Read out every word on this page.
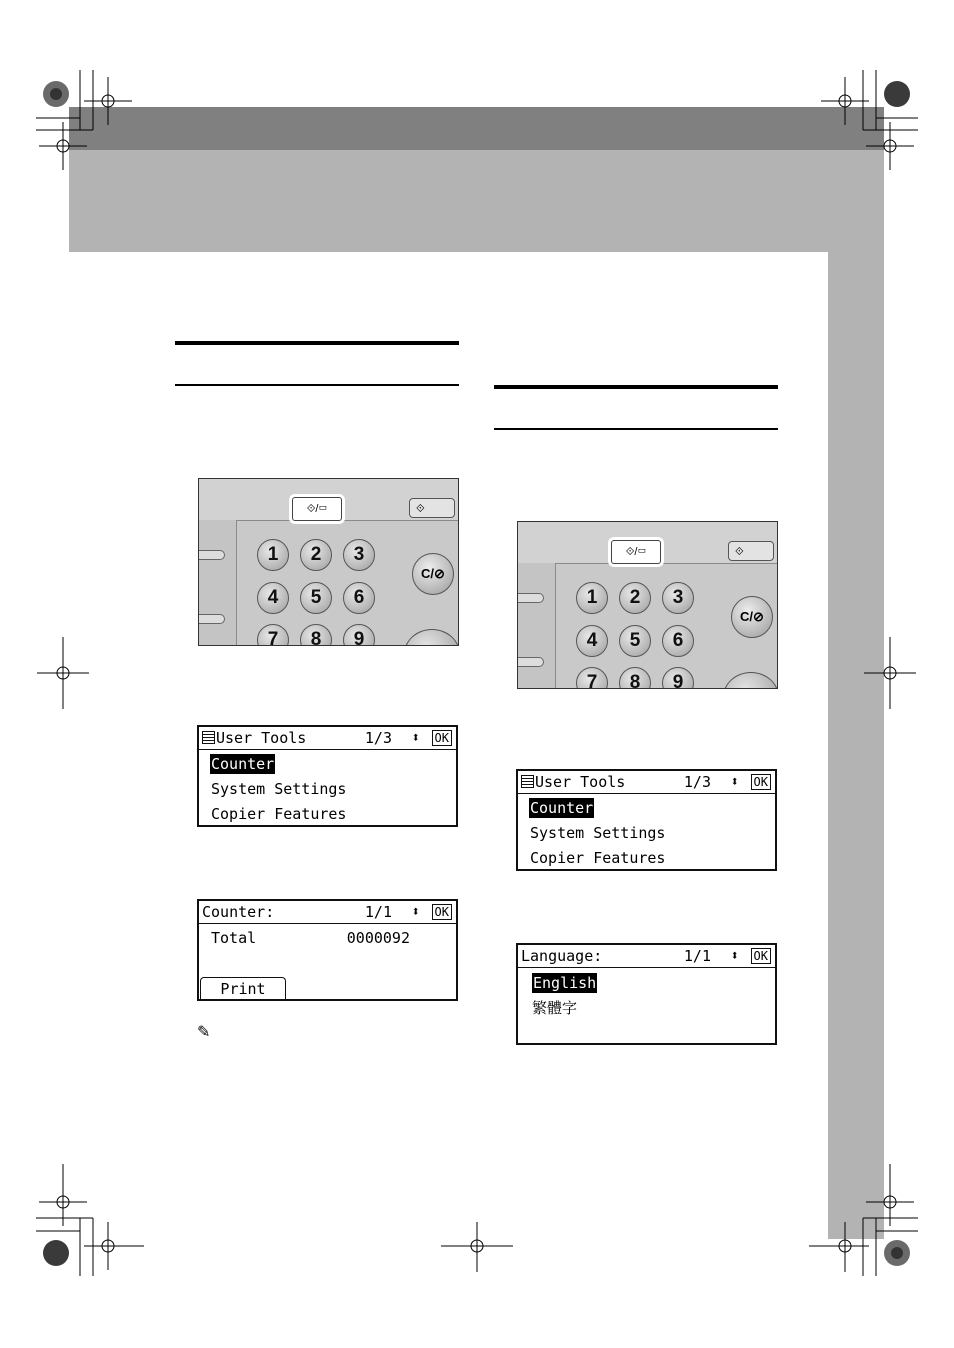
⟐/▭	⟐
1	2	3
4	5	6
7	8	9
C/⊘
⟐/▭	⟐
1	2	3
4	5	6
7	8	9
C/⊘
User Tools	1/3 ⬍ OK
Counter
System Settings
Copier Features
Counter:	1/1 ⬍ OK
Total	0000092
Print
✎
User Tools	1/3 ⬍ OK
Counter
System Settings
Copier Features
Language:	1/1 ⬍ OK
English
繁體字
